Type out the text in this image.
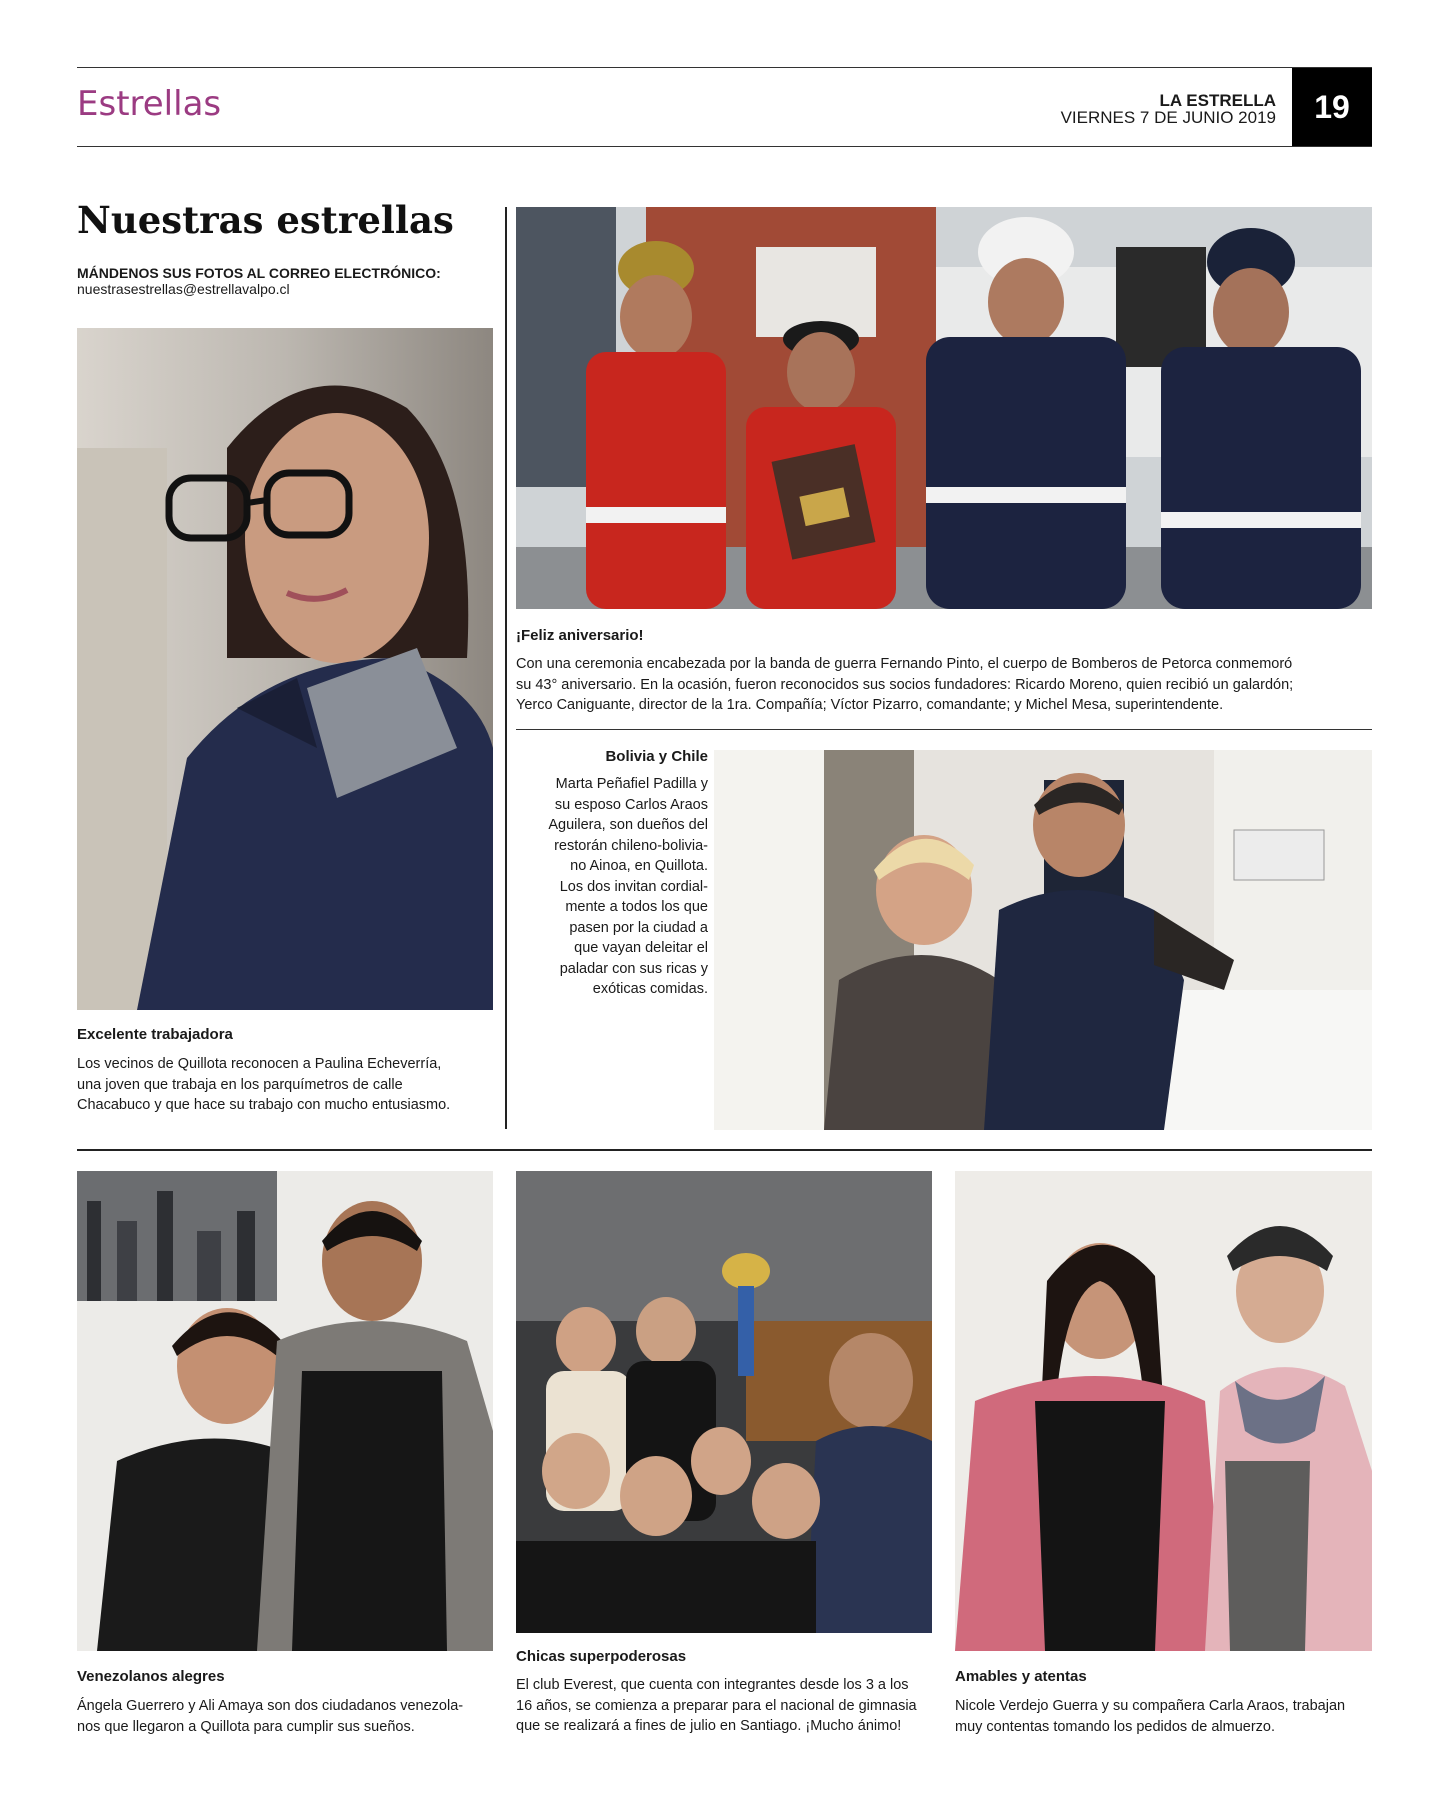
Estrellas	LA ESTRELLA
VIERNES 7 DE JUNIO 2019	19
Nuestras estrellas
MÁNDENOS SUS FOTOS AL CORREO ELECTRÓNICO:
nuestrasestrellas@estrellavalpo.cl
Excelente trabajadora
Los vecinos de Quillota reconocen a Paulina Echeverría,
una joven que trabaja en los parquímetros de calle
Chacabuco y que hace su trabajo con mucho entusiasmo.
¡Feliz aniversario!
Con una ceremonia encabezada por la banda de guerra Fernando Pinto, el cuerpo de Bomberos de Petorca conmemoró
su 43° aniversario. En la ocasión, fueron reconocidos sus socios fundadores: Ricardo Moreno, quien recibió un galardón;
Yerco Caniguante, director de la 1ra. Compañía; Víctor Pizarro, comandante; y Michel Mesa, superintendente.
Bolivia y Chile
Marta Peñafiel Padilla y
su esposo Carlos Araos
Aguilera, son dueños del
restorán chileno-bolivia-
no Ainoa, en Quillota.
Los dos invitan cordial-
mente a todos los que
pasen por la ciudad a
que vayan deleitar el
paladar con sus ricas y
exóticas comidas.
Venezolanos alegres
Ángela Guerrero y Ali Amaya son dos ciudadanos venezola-
nos que llegaron a Quillota para cumplir sus sueños.
Chicas superpoderosas
El club Everest, que cuenta con integrantes desde los 3 a los
16 años, se comienza a preparar para el nacional de gimnasia
que se realizará a fines de julio en Santiago. ¡Mucho ánimo!
Amables y atentas
Nicole Verdejo Guerra y su compañera Carla Araos, trabajan
muy contentas tomando los pedidos de almuerzo.
